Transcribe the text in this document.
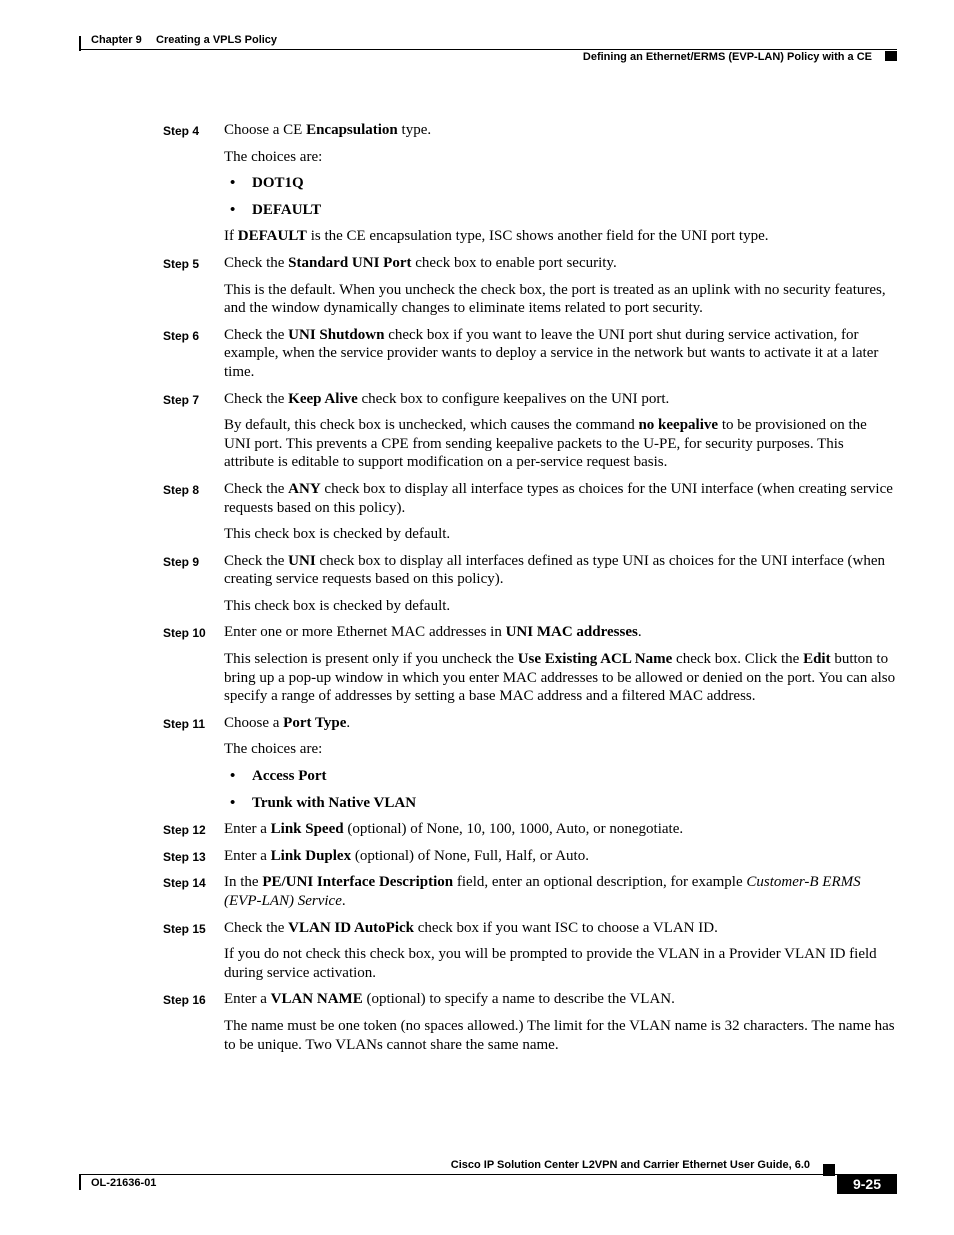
Chapter 9 Creating a VPLS Policy
Defining an Ethernet/ERMS (EVP-LAN) Policy with a CE
Step 4 Choose a CE Encapsulation type.

The choices are:

• DOT1Q
• DEFAULT

If DEFAULT is the CE encapsulation type, ISC shows another field for the UNI port type.

Step 5 Check the Standard UNI Port check box to enable port security.

This is the default. When you uncheck the check box, the port is treated as an uplink with no security features, and the window dynamically changes to eliminate items related to port security.

Step 6 Check the UNI Shutdown check box if you want to leave the UNI port shut during service activation, for example, when the service provider wants to deploy a service in the network but wants to activate it at a later time.

Step 7 Check the Keep Alive check box to configure keepalives on the UNI port.

By default, this check box is unchecked, which causes the command no keepalive to be provisioned on the UNI port. This prevents a CPE from sending keepalive packets to the U-PE, for security purposes. This attribute is editable to support modification on a per-service request basis.

Step 8 Check the ANY check box to display all interface types as choices for the UNI interface (when creating service requests based on this policy).

This check box is checked by default.

Step 9 Check the UNI check box to display all interfaces defined as type UNI as choices for the UNI interface (when creating service requests based on this policy).

This check box is checked by default.

Step 10 Enter one or more Ethernet MAC addresses in UNI MAC addresses.

This selection is present only if you uncheck the Use Existing ACL Name check box. Click the Edit button to bring up a pop-up window in which you enter MAC addresses to be allowed or denied on the port. You can also specify a range of addresses by setting a base MAC address and a filtered MAC address.

Step 11 Choose a Port Type.

The choices are:

• Access Port
• Trunk with Native VLAN
Step 12 Enter a Link Speed (optional) of None, 10, 100, 1000, Auto, or nonegotiate.

Step 13 Enter a Link Duplex (optional) of None, Full, Half, or Auto.

Step 14 In the PE/UNI Interface Description field, enter an optional description, for example Customer-B ERMS (EVP-LAN) Service.

Step 15 Check the VLAN ID AutoPick check box if you want ISC to choose a VLAN ID.

If you do not check this check box, you will be prompted to provide the VLAN in a Provider VLAN ID field during service activation.

Step 16 Enter a VLAN NAME (optional) to specify a name to describe the VLAN.

The name must be one token (no spaces allowed.) The limit for the VLAN name is 32 characters. The name has to be unique. Two VLANs cannot share the same name.

Cisco IP Solution Center L2VPN and Carrier Ethernet User Guide, 6.0
OL-21636-01	9-25
